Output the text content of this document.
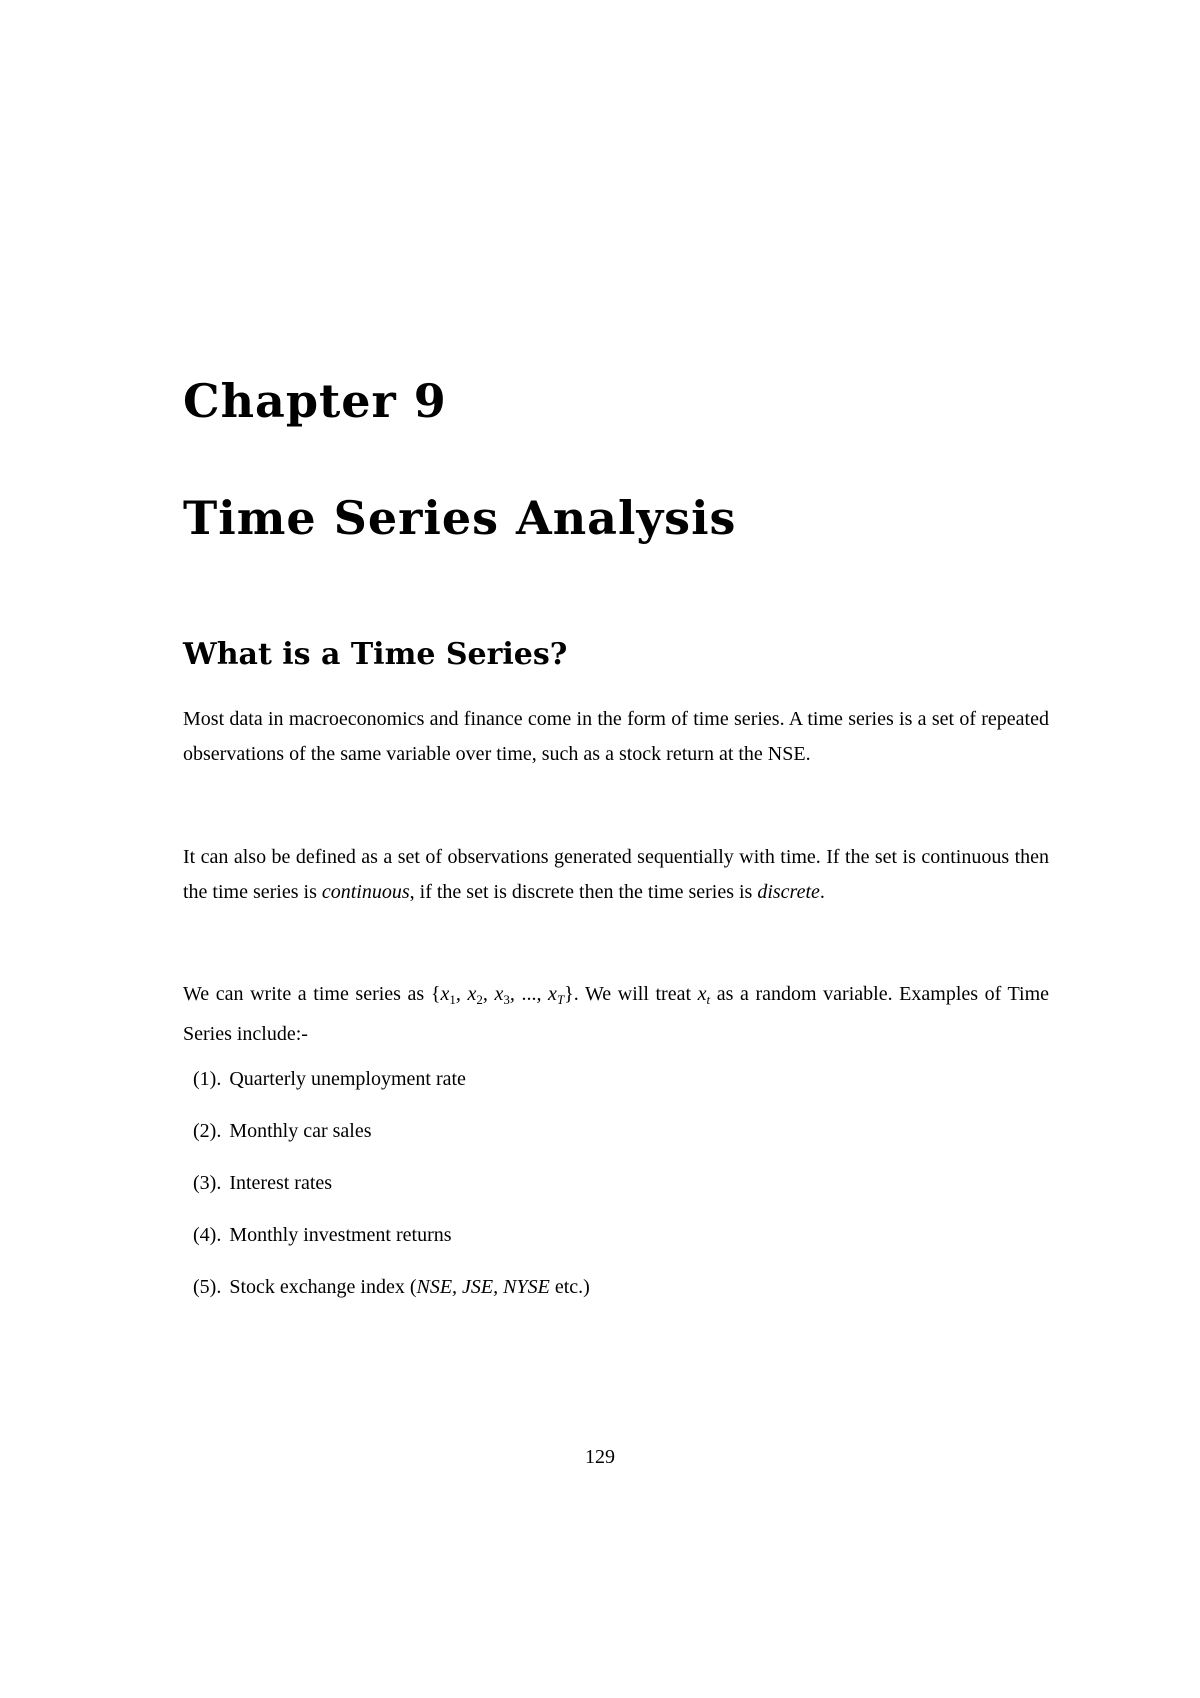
Chapter 9
Time Series Analysis
What is a Time Series?

Most data in macroeconomics and finance come in the form of time series. A time series is a set of repeated observations of the same variable over time, such as a stock return at the NSE.

It can also be defined as a set of observations generated sequentially with time. If the set is continuous then the time series is continuous, if the set is discrete then the time series is discrete.

We can write a time series as {$x_1$, $x_2$, $x_3$, ..., $x_T$}. We will treat $x_t$ as a random variable. Examples of Time Series include:-

(1). Quarterly unemployment rate
(2). Monthly car sales
(3). Interest rates
(4). Monthly investment returns
(5). Stock exchange index (NSE, JSE, NYSE etc.)
129
